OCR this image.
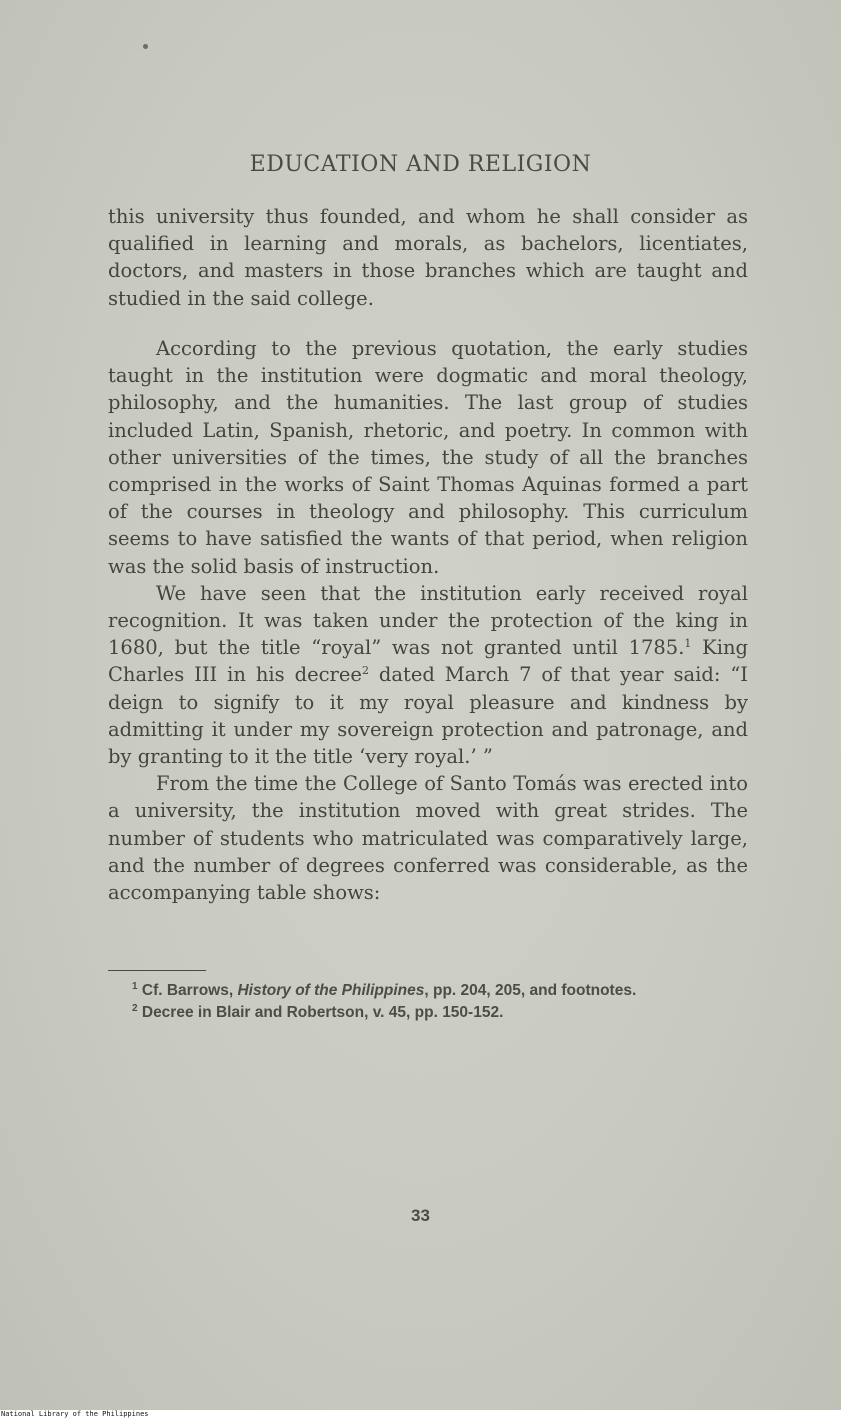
EDUCATION AND RELIGION

this university thus founded, and whom he shall consider as qualified in learning and morals, as bachelors, licentiates, doctors, and masters in those branches which are taught and studied in the said college.

According to the previous quotation, the early studies taught in the institution were dogmatic and moral theology, philosophy, and the humanities. The last group of studies included Latin, Spanish, rhetoric, and poetry. In common with other universities of the times, the study of all the branches comprised in the works of Saint Thomas Aquinas formed a part of the courses in theology and philosophy. This curriculum seems to have satisfied the wants of that period, when religion was the solid basis of instruction.

We have seen that the institution early received royal recognition. It was taken under the protection of the king in 1680, but the title “royal” was not granted until 1785.$^1$ King Charles III in his decree$^2$ dated March 7 of that year said: “I deign to signify to it my royal pleasure and kindness by admitting it under my sovereign protection and patronage, and by granting to it the title ‘very royal.’ ”

From the time the College of Santo Tomás was erected into a university, the institution moved with great strides. The number of students who matriculated was comparatively large, and the number of degrees conferred was considerable, as the accompanying table shows:

$^1$ Cf. Barrows, History of the Philippines, pp. 204, 205, and footnotes.

$^2$ Decree in Blair and Robertson, v. 45, pp. 150-152.

33
National Library of the Philippines
